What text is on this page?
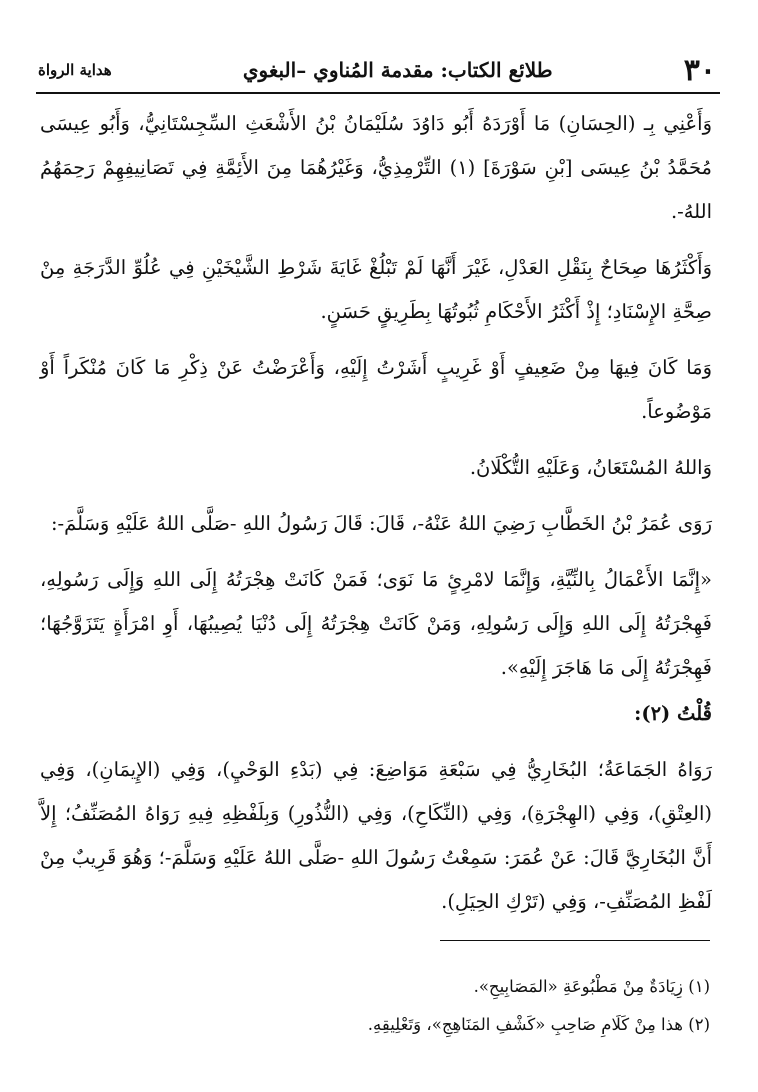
٣٠
طلائع الكتاب: مقدمة المُناوي –البغوي
هداية الرواة

وَأَعْنِي بِـ (الحِسَانِ) مَا أَوْرَدَهُ أَبُو دَاوُدَ سُلَيْمَانُ بْنُ الأَشْعَثِ السِّجِسْتَانِيُّ، وَأَبُو عِيسَى مُحَمَّدُ بْنُ عِيسَى [بْنِ سَوْرَةَ] (١) التِّرْمِذِيُّ، وَغَيْرُهُمَا مِنَ الأَئِمَّةِ فِي تَصَانِيفِهِمْ رَحِمَهُمُ اللهُ-.

وَأَكْثَرُهَا صِحَاحٌ بِنَقْلِ العَدْلِ، غَيْرَ أَنَّهَا لَمْ تَبْلُغْ غَايَةَ شَرْطِ الشَّيْخَيْنِ فِي عُلُوِّ الدَّرَجَةِ مِنْ صِحَّةِ الإِسْنَادِ؛ إِذْ أَكْثَرُ الأَحْكَامِ ثُبُوتُهَا بِطَرِيقٍ حَسَنٍ.

وَمَا كَانَ فِيهَا مِنْ ضَعِيفٍ أَوْ غَرِيبٍ أَشَرْتُ إِلَيْهِ، وَأَعْرَضْتُ عَنْ ذِكْرِ مَا كَانَ مُنْكَراً أَوْ مَوْضُوعاً.

وَاللهُ المُسْتَعَانُ، وَعَلَيْهِ التُّكْلَانُ.

رَوَى عُمَرُ بْنُ الخَطَّابِ رَضِيَ اللهُ عَنْهُ-، قَالَ: قَالَ رَسُولُ اللهِ -صَلَّى اللهُ عَلَيْهِ وَسَلَّمَ-:

«إِنَّمَا الأَعْمَالُ بِالنِّيَّةِ، وَإِنَّمَا لامْرِئٍ مَا نَوَى؛ فَمَنْ كَانَتْ هِجْرَتُهُ إِلَى اللهِ وَإِلَى رَسُولِهِ، فَهِجْرَتُهُ إِلَى اللهِ وَإِلَى رَسُولِهِ، وَمَنْ كَانَتْ هِجْرَتُهُ إِلَى دُنْيَا يُصِيبُهَا، أَوِ امْرَأَةٍ يَتَزَوَّجُهَا؛ فَهِجْرَتُهُ إِلَى مَا هَاجَرَ إِلَيْهِ».

قُلْتُ (٢):

رَوَاهُ الجَمَاعَةُ؛ البُخَارِيُّ فِي سَبْعَةِ مَوَاضِعَ: فِي (بَدْءِ الوَحْيِ)، وَفِي (الإِيمَانِ)، وَفِي (العِتْقِ)، وَفِي (الهِجْرَةِ)، وَفِي (النِّكَاحِ)، وَفِي (النُّذُورِ) وَبِلَفْظِهِ فِيهِ رَوَاهُ المُصَنِّفُ؛ إِلاَّ أَنَّ البُخَارِيَّ قَالَ: عَنْ عُمَرَ: سَمِعْتُ رَسُولَ اللهِ -صَلَّى اللهُ عَلَيْهِ وَسَلَّمَ-؛ وَهُوَ قَرِيبٌ مِنْ لَفْظِ المُصَنِّفِ-، وَفِي (تَرْكِ الحِيَلِ).

(١) زِيَادَةٌ مِنْ مَطْبُوعَةِ «المَصَابِيحِ».

(٢) هذا مِنْ كَلَامِ صَاحِبِ «كَشْفِ المَنَاهِجِ»، وَتَعْلِيقِهِ.
